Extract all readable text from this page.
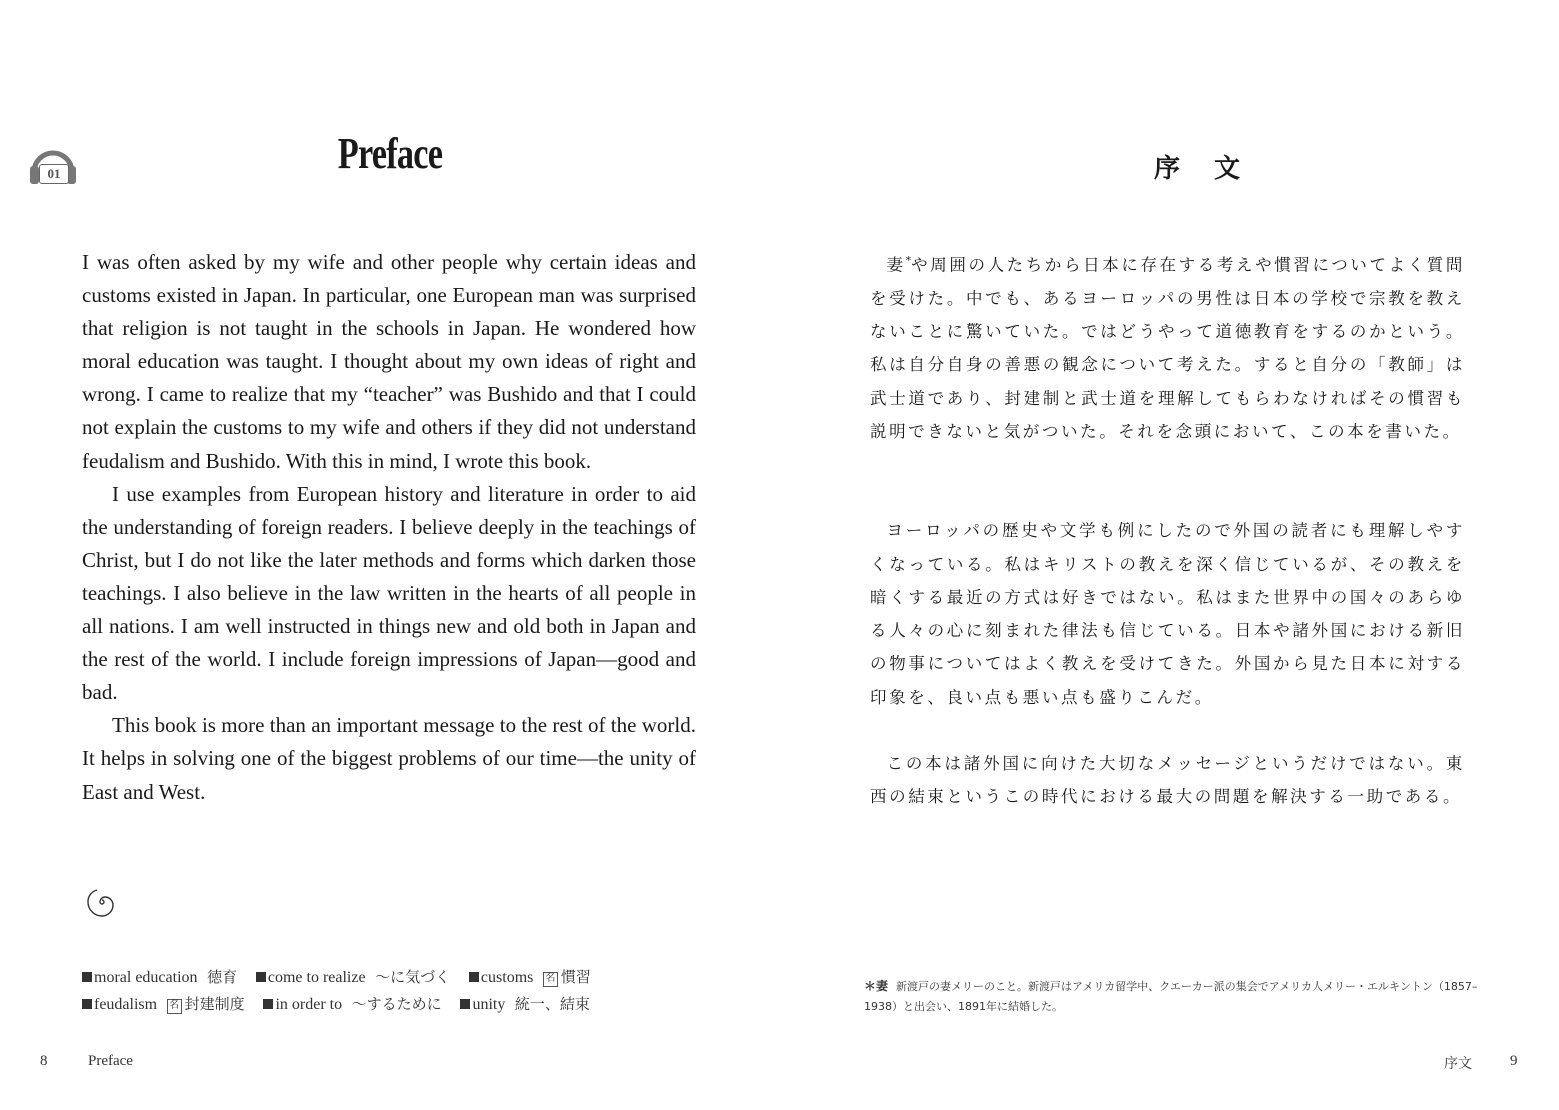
01	Preface

I was often asked by my wife and other people why certain ideas and customs existed in Japan. In particular, one European man was surprised that religion is not taught in the schools in Japan. He wondered how moral education was taught. I thought about my own ideas of right and wrong. I came to realize that my “teacher” was Bushido and that I could not explain the customs to my wife and others if they did not understand feudalism and Bushido. With this in mind, I wrote this book.

I use examples from European history and literature in order to aid the understanding of foreign readers. I believe deeply in the teachings of Christ, but I do not like the later methods and forms which darken those teachings. I also believe in the law written in the hearts of all people in all nations. I am well instructed in things new and old both in Japan and the rest of the world. I include foreign impressions of Japan—good and bad.

This book is more than an important message to the rest of the world. It helps in solving one of the biggest problems of our time—the unity of East and West.

moral education 徳育 come to realize ～に気づく customs 名 慣習
feudalism 名 封建制度 in order to ～するために unity 統一、結束
8	Preface
序文

妻*や周囲の人たちから日本に存在する考えや慣習についてよく質問を受けた。中でも、あるヨーロッパの男性は日本の学校で宗教を教えないことに驚いていた。ではどうやって道徳教育をするのかという。私は自分自身の善悪の観念について考えた。すると自分の「教師」は武士道であり、封建制と武士道を理解してもらわなければその慣習も説明できないと気がついた。それを念頭において、この本を書いた。

ヨーロッパの歴史や文学も例にしたので外国の読者にも理解しやすくなっている。私はキリストの教えを深く信じているが、その教えを暗くする最近の方式は好きではない。私はまた世界中の国々のあらゆる人々の心に刻まれた律法も信じている。日本や諸外国における新旧の物事についてはよく教えを受けてきた。外国から見た日本に対する印象を、良い点も悪い点も盛りこんだ。

この本は諸外国に向けた大切なメッセージというだけではない。東西の結束というこの時代における最大の問題を解決する一助である。

＊妻 新渡戸の妻メリーのこと。新渡戸はアメリカ留学中、クエーカー派の集会でアメリカ人メリー・エルキントン（1857–1938）と出会い、1891年に結婚した。
序文	9
